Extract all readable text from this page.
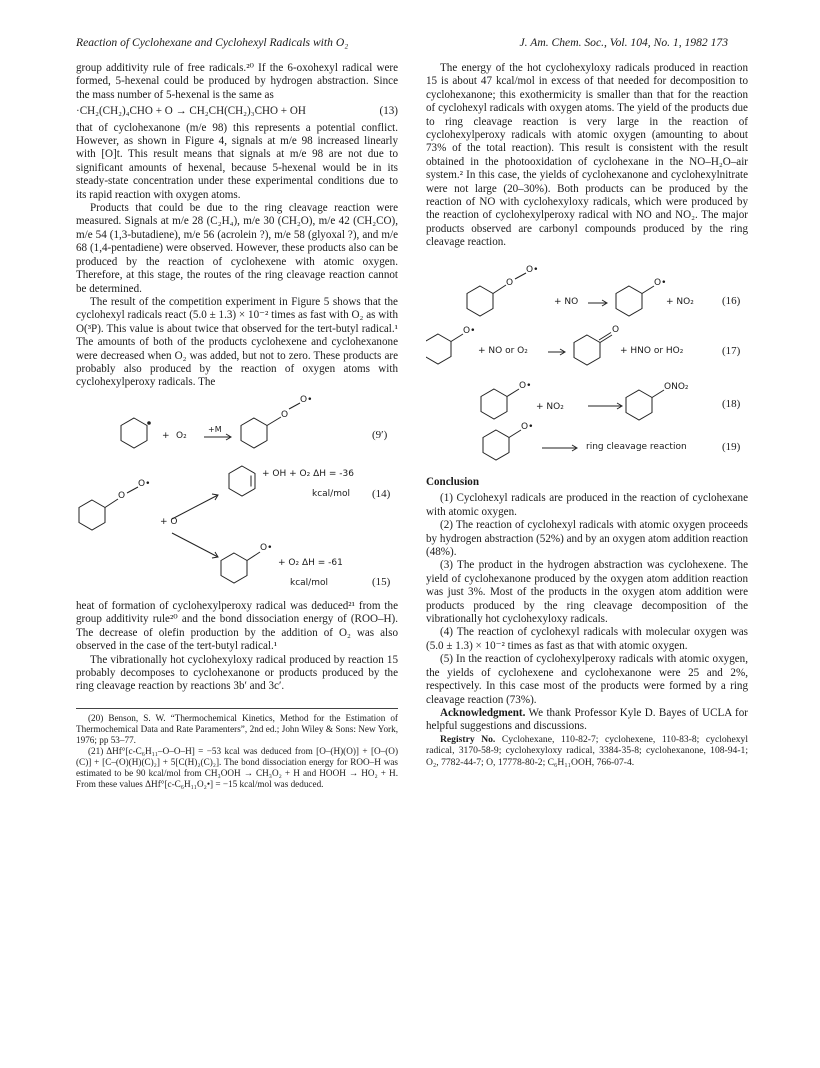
Reaction of Cyclohexane and Cyclohexyl Radicals with O₂	J. Am. Chem. Soc., Vol. 104, No. 1, 1982 173

group additivity rule of free radicals.²⁰ If the 6-oxohexyl radical were formed, 5-hexenal could be produced by hydrogen abstraction. Since the mass number of 5-hexenal is the same as

·CH₂(CH₂)₄CHO + O → CH₂CH(CH₂)₃CHO + OH	(13)

that of cyclohexanone (m/e 98) this represents a potential conflict. However, as shown in Figure 4, signals at m/e 98 increased linearly with [O]t. This result means that signals at m/e 98 are not due to significant amounts of hexenal, because 5-hexenal would be in its steady-state concentration under these experimental conditions due to its rapid reaction with oxygen atoms.

Products that could be due to the ring cleavage reaction were measured. Signals at m/e 28 (C₂H₄), m/e 30 (CH₂O), m/e 42 (CH₂CO), m/e 54 (1,3-butadiene), m/e 56 (acrolein ?), m/e 58 (glyoxal ?), and m/e 68 (1,4-pentadiene) were observed. However, these products also can be produced by the reaction of cyclohexene with atomic oxygen. Therefore, at this stage, the routes of the ring cleavage reaction cannot be determined.

The result of the competition experiment in Figure 5 shows that the cyclohexyl radicals react (5.0 ± 1.3) × 10⁻² times as fast with O₂ as with O(³P). This value is about twice that observed for the tert-butyl radical.¹ The amounts of both of the products cyclohexene and cyclohexanone were decreased when O₂ was added, but not to zero. These products are probably also produced by the reaction of oxygen atoms with cyclohexylperoxy radicals. The

+ O₂
+M
O
O•
(9′)
+ OH + O₂ ΔH = -36
kcal/mol (14)
O
O•
+ O
O•
+ O₂ ΔH = -61
kcal/mol	(15)

heat of formation of cyclohexylperoxy radical was deduced²¹ from the group additivity rule²⁰ and the bond dissociation energy of (ROO–H). The decrease of olefin production by the addition of O₂ was also observed in the case of the tert-butyl radical.¹

The vibrationally hot cyclohexyloxy radical produced by reaction 15 probably decomposes to cyclohexanone or products produced by the ring cleavage reaction by reactions 3b′ and 3c′.

(20) Benson, S. W. “Thermochemical Kinetics, Method for the Estimation of Thermochemical Data and Rate Paramenters”, 2nd ed.; John Wiley & Sons: New York, 1976; pp 53–77.

(21) ΔHf°[c-C₆H₁₁–O–O–H] = −53 kcal was deduced from [O–(H)(O)] + [O–(O)(C)] + [C–(O)(H)(C)₂] + 5[C(H)₂(C)₂]. The bond dissociation energy for ROO–H was estimated to be 90 kcal/mol from CH₃OOH → CH₃O₂ + H and HOOH → HO₂ + H. From these values ΔHf°[c-C₆H₁₁O₂•] = −15 kcal/mol was deduced.

The energy of the hot cyclohexyloxy radicals produced in reaction 15 is about 47 kcal/mol in excess of that needed for decomposition to cyclohexanone; this exothermicity is smaller than that for the reaction of cyclohexyl radicals with oxygen atoms. The yield of the products due to ring cleavage reaction is very large in the reaction of cyclohexylperoxy radicals with atomic oxygen (amounting to about 73% of the total reaction). This result is consistent with the result obtained in the photooxidation of cyclohexane in the NO–H₂O–air system.² In this case, the yields of cyclohexanone and cyclohexylnitrate were not large (20–30%). Both products can be produced by the reaction of NO with cyclohexyloxy radicals, which were produced by the reaction of cyclohexylperoxy radical with NO and NO₂. The major products observed are carbonyl compounds produced by the ring cleavage reaction.

O
O•
+ NO
O•
+ NO₂	(16)
O•
+ NO or O₂
O
+ HNO or HO₂	(17)
O•
+ NO₂
ONO₂
(18)
O•
ring cleavage reaction	(19)

Conclusion

(1) Cyclohexyl radicals are produced in the reaction of cyclohexane with atomic oxygen.

(2) The reaction of cyclohexyl radicals with atomic oxygen proceeds by hydrogen abstraction (52%) and by an oxygen atom addition reaction (48%).

(3) The product in the hydrogen abstraction was cyclohexene. The yield of cyclohexanone produced by the oxygen atom addition reaction was just 3%. Most of the products in the oxygen atom addition were products produced by the ring cleavage decomposition of the vibrationally hot cyclohexyloxy radicals.

(4) The reaction of cyclohexyl radicals with molecular oxygen was (5.0 ± 1.3) × 10⁻² times as fast as that with atomic oxygen.

(5) In the reaction of cyclohexylperoxy radicals with atomic oxygen, the yields of cyclohexene and cyclohexanone were 25 and 2%, respectively. In this case most of the products were formed by a ring cleavage reaction (73%).

Acknowledgment. We thank Professor Kyle D. Bayes of UCLA for helpful suggestions and discussions.

Registry No. Cyclohexane, 110-82-7; cyclohexene, 110-83-8; cyclohexyl radical, 3170-58-9; cyclohexyloxy radical, 3384-35-8; cyclohexanone, 108-94-1; O₂, 7782-44-7; O, 17778-80-2; C₆H₁₁OOH, 766-07-4.
